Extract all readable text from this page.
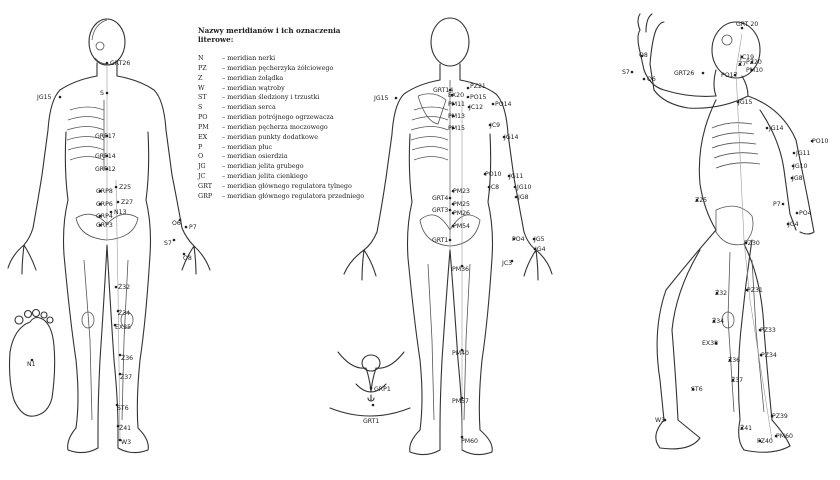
GRT26
JG15
S
GRP17
GRP14
GRP12
Z25
GRP8
Z27
GRP6
N13
GRP4
GRP3	O6
P7
S7
O8
Ż32
Ż34
EX35
N1
Ż36
Ż37
ST6
Ż41
W3
GRT14
PZ21
EX20 PO15
JG15
PM11 JC12 PO14
PM13
JC9
PM15
JG14
PO10 JG11
JC8	JG10
PM23
GRT4	JG8
PM25
GRT3 PM26
PM54
GRT1	PO4 JG5
JG4
JC3
PM36
PM40
PM57
PM60
GRP1
GRT1
GRT 20
JC19
O8
PZ20
Z7
PM10
S7	GRT26	PO17
O6
JG15
JG14
PO10
JG11
JG10
JG8
Z25
P7
PO4
JG4
PZ30
Ż32	PZ31
Ż34
PZ33
EX38
PZ34
Ż36
Ż37
ST6
PZ39
W3
Ż41
PM60
PZ40
Nazwy meridianów i ich oznaczenia literowe:
N	– meridian nerki
PZ	– meridian pęcherzyka żółciowego
Z	– meridian żołądka
W	– meridian wątroby
ST	– meridian śledziony i trzustki
S	– meridian serca
PO	– meridian potrójnego ogrzewacza
PM	– meridian pęcherza moczowego
EX	– meridian punkty dodatkowe
P	– meridian płuc
O	– meridian osierdzia
JG	– meridian jelita grubego
JC	– meridian jelita cienkiego
GRT	– meridian głównego regulatora tylnego
GRP	– meridian głównego regulatora przedniego
